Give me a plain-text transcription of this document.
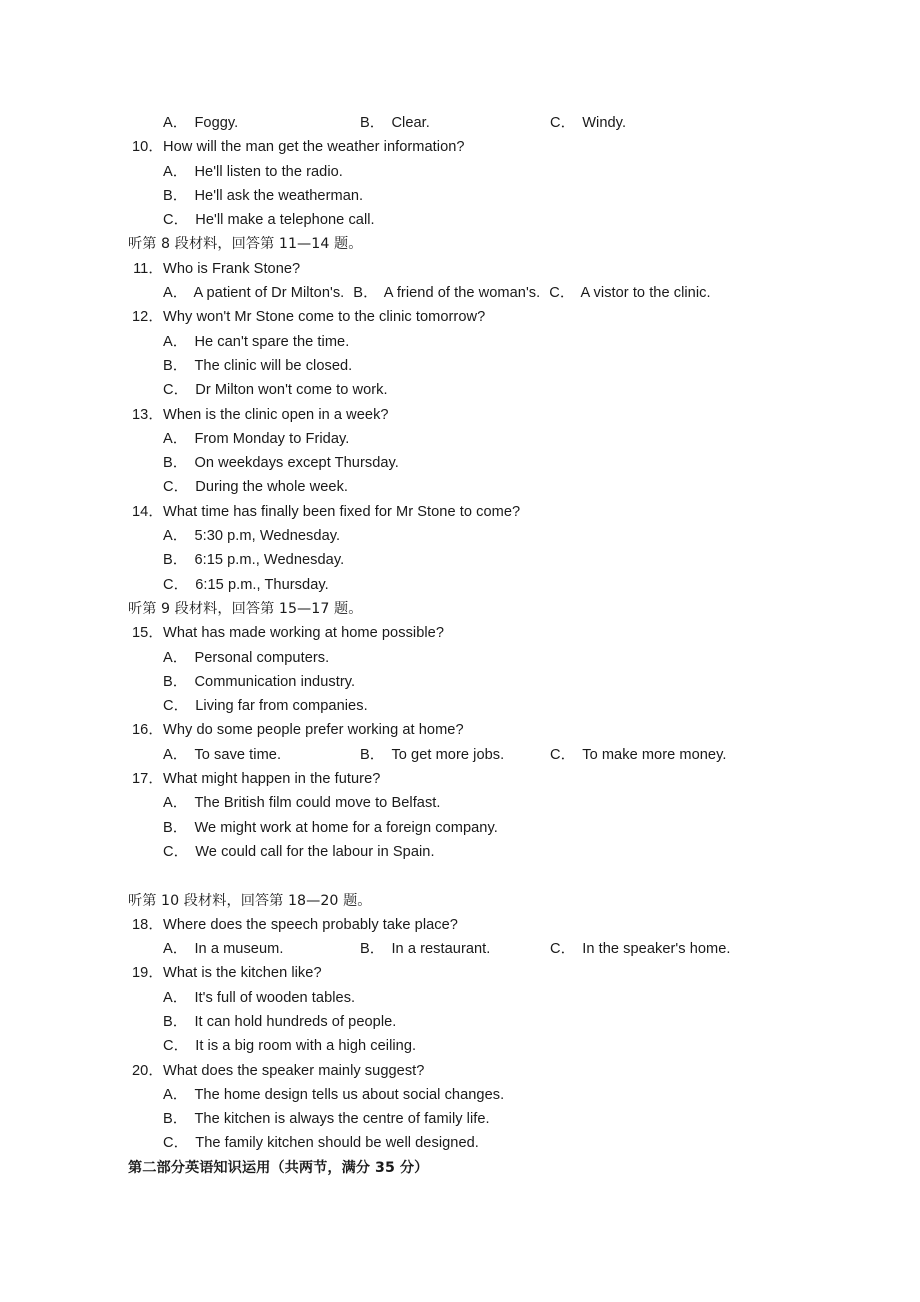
A． Foggy.	B． Clear.	C． Windy.
10． How will the man get the weather information?
A． He'll listen to the radio.
B． He'll ask the weatherman.
C． He'll make a telephone call.
听第 8 段材料，回答第 11—14 题。
11． Who is Frank Stone?
A． A patient of Dr Milton's. B． A friend of the woman's. C． A vistor to the clinic.
12． Why won't Mr Stone come to the clinic tomorrow?
A． He can't spare the time.
B． The clinic will be closed.
C． Dr Milton won't come to work.
13． When is the clinic open in a week?
A． From Monday to Friday.
B． On weekdays except Thursday.
C． During the whole week.
14． What time has finally been fixed for Mr Stone to come?
A． 5:30 p.m, Wednesday.
B． 6:15 p.m., Wednesday.
C． 6:15 p.m., Thursday.
听第 9 段材料，回答第 15—17 题。
15． What has made working at home possible?
A． Personal computers.
B． Communication industry.
C． Living far from companies.
16． Why do some people prefer working at home?
A． To save time.	B． To get more jobs.	C． To make more money.
17． What might happen in the future?
A． The British film could move to Belfast.
B． We might work at home for a foreign company.
C． We could call for the labour in Spain.
听第 10 段材料，回答第 18—20 题。
18． Where does the speech probably take place?
A． In a museum.	B． In a restaurant.	C． In the speaker's home.
19． What is the kitchen like?
A． It's full of wooden tables.
B． It can hold hundreds of people.
C． It is a big room with a high ceiling.
20． What does the speaker mainly suggest?
A． The home design tells us about social changes.
B． The kitchen is always the centre of family life.
C． The family kitchen should be well designed.
第二部分英语知识运用（共两节，满分 35 分）
